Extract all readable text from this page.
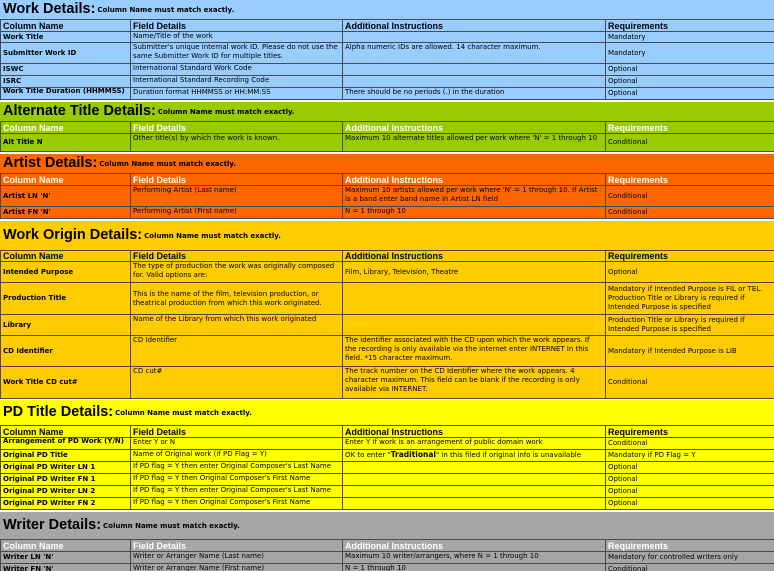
Work Details: Column Name must match exactly.
Column Name	Field Details	Additional Instructions	Requirements
Work Title	Name/Title of the work		Mandatory
Submitter Work ID	Submitter's unique internal work ID. Please do not use the same Submitter Work ID for multiple titles.	Alpha numeric IDs are allowed. 14 character maximum.	Mandatory
ISWC	International Standard Work Code		Optional
ISRC	International Standard Recording Code		Optional

Work Title Duration (HHMMSS)	Duration format HHMMSS or HH:MM:SS	There should be no periods (.) in the duration	Optional
Alternate Title Details: Column Name must match exactly.
Column Name	Field Details	Additional Instructions	Requirements
Alt Title N	Other title(s) by which the work is known.	Maximum 10 alternate titles allowed per work where 'N' = 1 through 10	Conditional
Artist Details: Column Name must match exactly.
Column Name	Field Details	Additional Instructions	Requirements
Artist LN 'N'	Performing Artist (Last name)	Maximum 10 artists allowed per work where 'N' = 1 through 10. If Artist is a band enter band name in Artist LN field	Conditional
Artist FN 'N'	Performing Artist (First name)	N = 1 through 10	Conditional
Work Origin Details: Column Name must match exactly.
Column Name	Field Details	Additional Instructions	Requirements
Intended Purpose	The type of production the work was originally composed for. Valid options are:	Film, Library, Television, Theatre	Optional
Production Title	This is the name of the film, television production, or theatrical production from which this work originated.		Mandatory if Intended Purpose is FIL or TEL. Production Title or Library is required if Intended Purpose is specified
Library	Name of the Library from which this work originated		Production Title or Library is required if Intended Purpose is specified
CD Identifier	CD Identifier	The identifier associated with the CD upon which the work appears. If the recording is only available via the internet enter INTERNET in this field. *15 character maximum.	Mandatory if Intended Purpose is LIB
Work Title CD cut#	CD cut#	The track number on the CD Identifier where the work appears. 4 character maximum. This field can be blank if the recording is only available via INTERNET.	Conditional
PD Title Details: Column Name must match exactly.
Column Name	Field Details	Additional Instructions	Requirements

Arrangement of PD Work (Y/N)	Enter Y or N	Enter Y if work is an arrangement of public domain work	Conditional
Original PD Title	Name of Original work (if PD Flag = Y)	OK to enter "Traditional" in this filed if original info is unavailable	Mandatory if PD Flag = Y
Original PD Writer LN 1	If PD flag = Y then enter Original Composer's Last Name		Optional
Original PD Writer FN 1	If PD flag = Y then Original Composer's First Name		Optional
Original PD Writer LN 2	If PD flag = Y then enter Original Composer's Last Name		Optional
Original PD Writer FN 2	If PD flag = Y then Original Composer's First Name		Optional
Writer Details: Column Name must match exactly.
Column Name	Field Details	Additional Instructions	Requirements
Writer LN 'N'	Writer or Arranger Name (Last name)	Maximum 10 writer/arrangers, where N = 1 through 10	Mandatory for controlled writers only
Writer FN 'N'	Writer or Arranger Name (First name)	N = 1 through 10	Conditional
